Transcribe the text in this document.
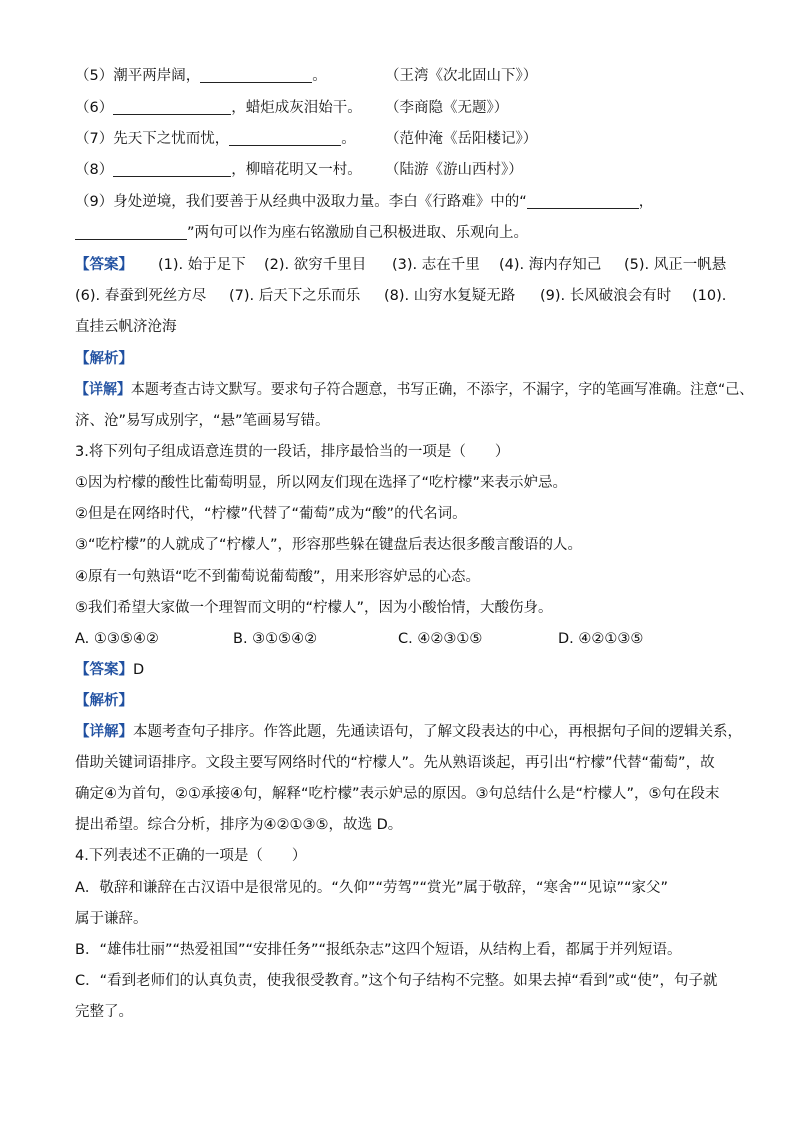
（5）潮平两岸阔，	。	（王湾《次北固山下》）
（6）	，蜡炬成灰泪始干。 （李商隐《无题》）
（7）先天下之忧而忧，	。 （范仲淹《岳阳楼记》）
（8）	，柳暗花明又一村。 （陆游《游山西村》）
（9）身处逆境，我们要善于从经典中汲取力量。李白《行路难》中的“	，
”两句可以作为座右铭激励自己积极进取、乐观向上。
【答案】 (1). 始于足下 (2). 欲穷千里目 (3). 志在千里 (4). 海内存知己 (5). 风正一帆悬
(6). 春蚕到死丝方尽 (7). 后天下之乐而乐 (8). 山穷水复疑无路 (9). 长风破浪会有时 (10).
直挂云帆济沧海
【解析】
【详解】本题考查古诗文默写。要求句子符合题意，书写正确，不添字，不漏字，字的笔画写准确。注意“己、
济、沧”易写成别字，“悬”笔画易写错。
3.将下列句子组成语意连贯的一段话，排序最恰当的一项是（　　）
①因为柠檬的酸性比葡萄明显，所以网友们现在选择了“吃柠檬”来表示妒忌。
②但是在网络时代，“柠檬”代替了“葡萄”成为“酸”的代名词。
③“吃柠檬”的人就成了“柠檬人”，形容那些躲在键盘后表达很多酸言酸语的人。
④原有一句熟语“吃不到葡萄说葡萄酸”，用来形容妒忌的心态。
⑤我们希望大家做一个理智而文明的“柠檬人”，因为小酸怡情，大酸伤身。
A. ①③⑤④②	B. ③①⑤④②	C. ④②③①⑤	D. ④②①③⑤
【答案】D
【解析】
【详解】本题考查句子排序。作答此题，先通读语句，了解文段表达的中心，再根据句子间的逻辑关系，
借助关键词语排序。文段主要写网络时代的“柠檬人”。先从熟语谈起，再引出“柠檬”代替“葡萄”，故
确定④为首句，②①承接④句，解释“吃柠檬”表示妒忌的原因。③句总结什么是“柠檬人”，⑤句在段末
提出希望。综合分析，排序为④②①③⑤，故选 D。
4.下列表述不正确的一项是（　　）
A．敬辞和谦辞在古汉语中是很常见的。“久仰”“劳驾”“赏光”属于敬辞，“寒舍”“见谅”“家父”
属于谦辞。
B．“雄伟壮丽”“热爱祖国”“安排任务”“报纸杂志”这四个短语，从结构上看，都属于并列短语。
C．“看到老师们的认真负责，使我很受教育。”这个句子结构不完整。如果去掉“看到”或“使”，句子就
完整了。
